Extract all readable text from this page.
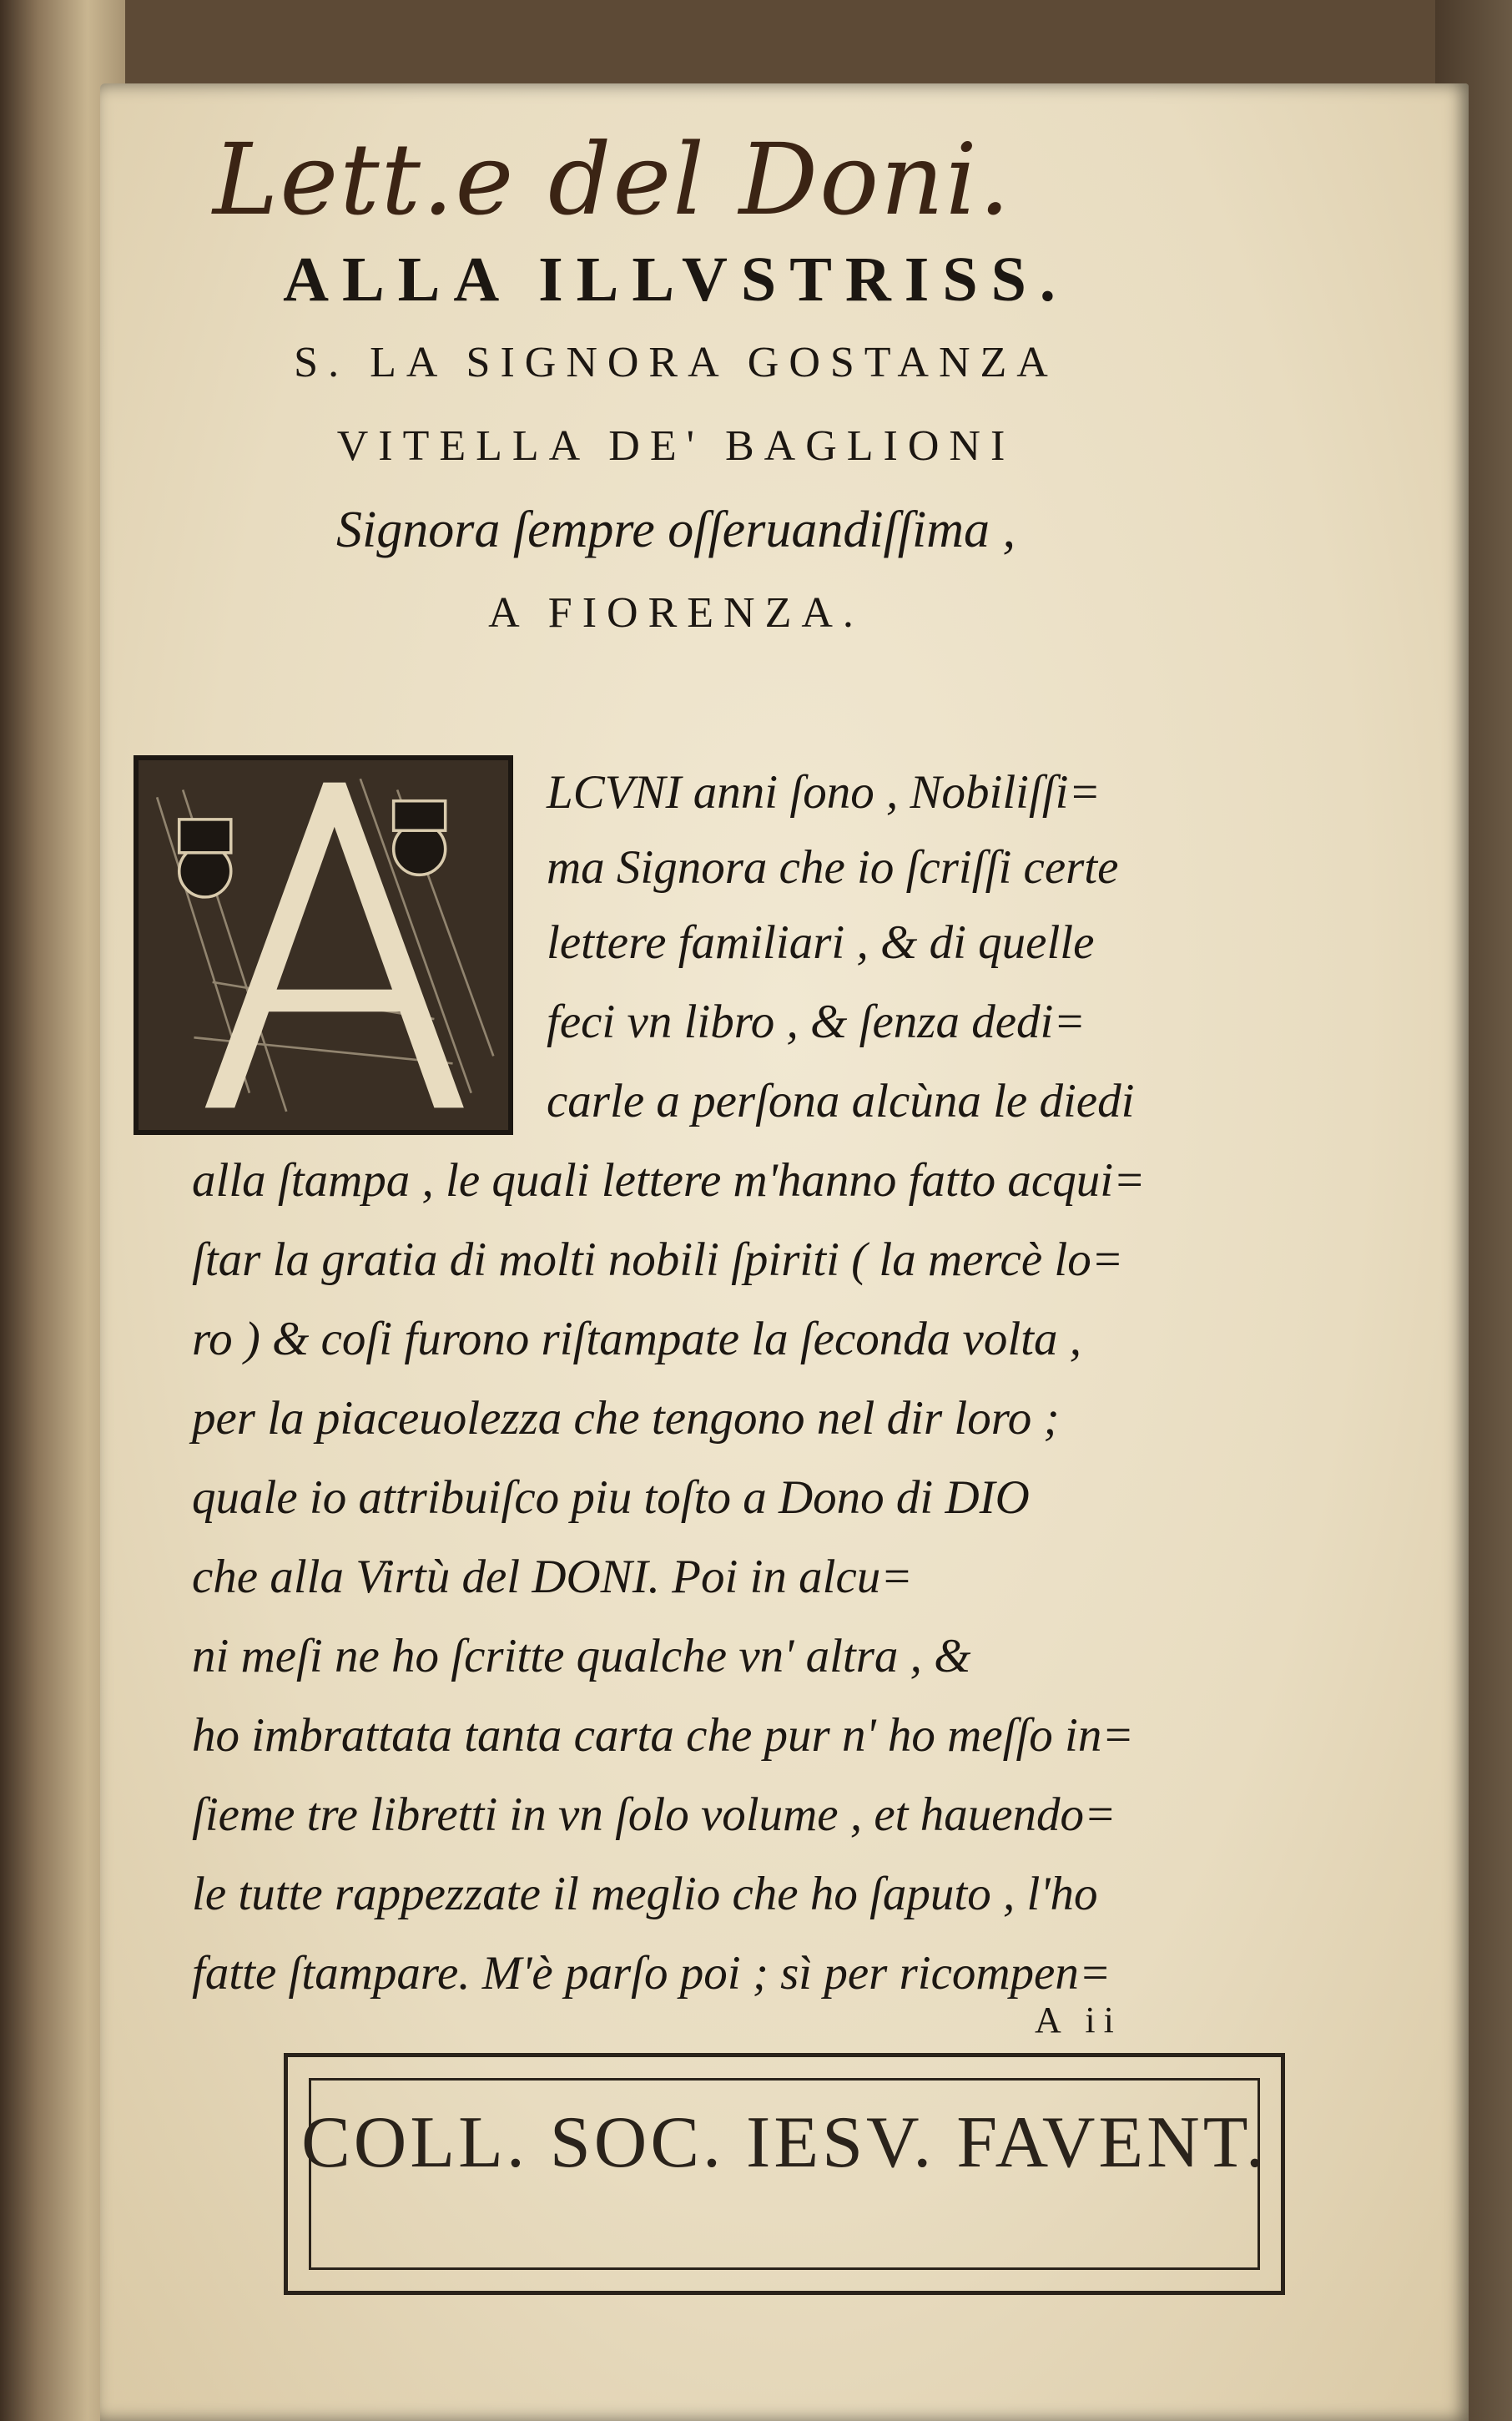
Lett.e del Doni.
ALLA ILLVSTRISS.
S. LA SIGNORA GOSTANZA
VITELLA DE' BAGLIONI
Signora ſempre oſſeruandiſſima ,
A FIORENZA.
LCVNI anni ſono , Nobiliſſi=
ma Signora che io ſcriſſi certe
lettere familiari , & di quelle
feci vn libro , & ſenza dedi=
carle a perſona alcùna le diedi
alla ſtampa , le quali lettere m'hanno fatto acqui=
ſtar la gratia di molti nobili ſpiriti ( la mercè lo=
ro ) & coſi furono riſtampate la ſeconda volta ,
per la piaceuolezza che tengono nel dir loro ;
quale io attribuiſco piu toſto a Dono di DIO
che alla Virtù del DONI. Poi in alcu=
ni meſi ne ho ſcritte qualche vn' altra , &
ho imbrattata tanta carta che pur n' ho meſſo in=
ſieme tre libretti in vn ſolo volume , et hauendo=
le tutte rappezzate il meglio che ho ſaputo , l'ho
fatte ſtampare. M'è parſo poi ; sì per ricompen=
A ii
COLL. SOC. IESV. FAVENT.
